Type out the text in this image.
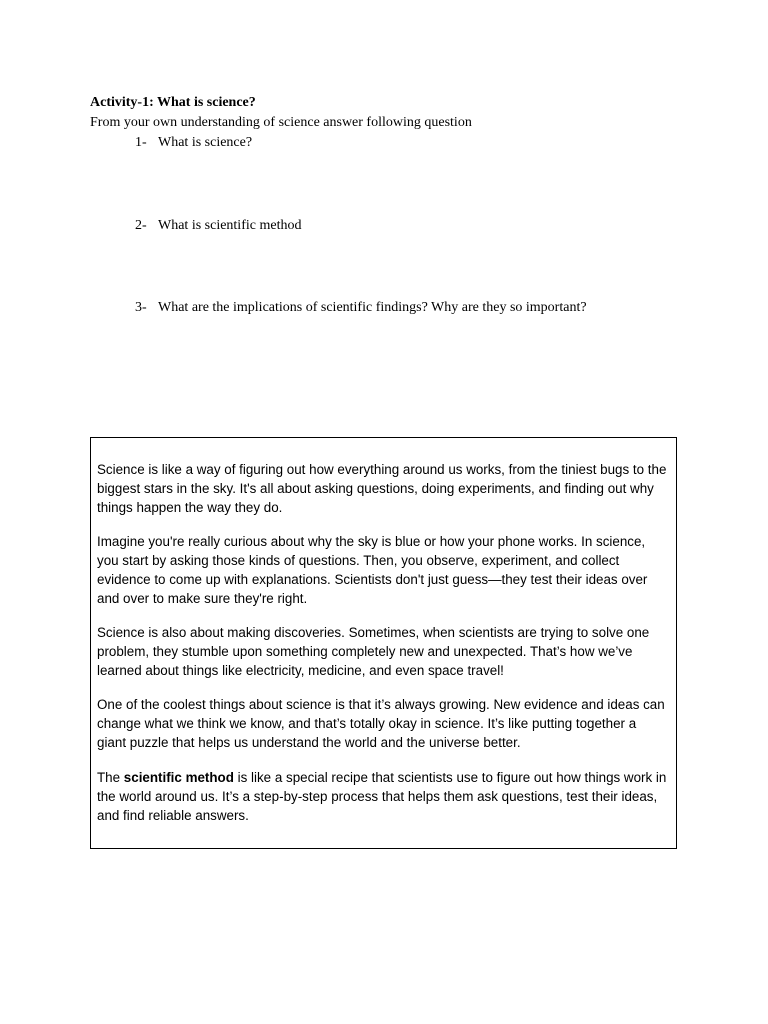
Activity-1: What is science?
From your own understanding of science answer following question
1- What is science?
2- What is scientific method
3- What are the implications of scientific findings? Why are they so important?

Science is like a way of figuring out how everything around us works, from the tiniest bugs to the biggest stars in the sky. It's all about asking questions, doing experiments, and finding out why things happen the way they do.

Imagine you're really curious about why the sky is blue or how your phone works. In science, you start by asking those kinds of questions. Then, you observe, experiment, and collect evidence to come up with explanations. Scientists don't just guess—they test their ideas over and over to make sure they're right.

Science is also about making discoveries. Sometimes, when scientists are trying to solve one problem, they stumble upon something completely new and unexpected. That’s how we’ve learned about things like electricity, medicine, and even space travel!

One of the coolest things about science is that it’s always growing. New evidence and ideas can change what we think we know, and that’s totally okay in science. It’s like putting together a giant puzzle that helps us understand the world and the universe better.

The scientific method is like a special recipe that scientists use to figure out how things work in the world around us. It’s a step-by-step process that helps them ask questions, test their ideas, and find reliable answers.
